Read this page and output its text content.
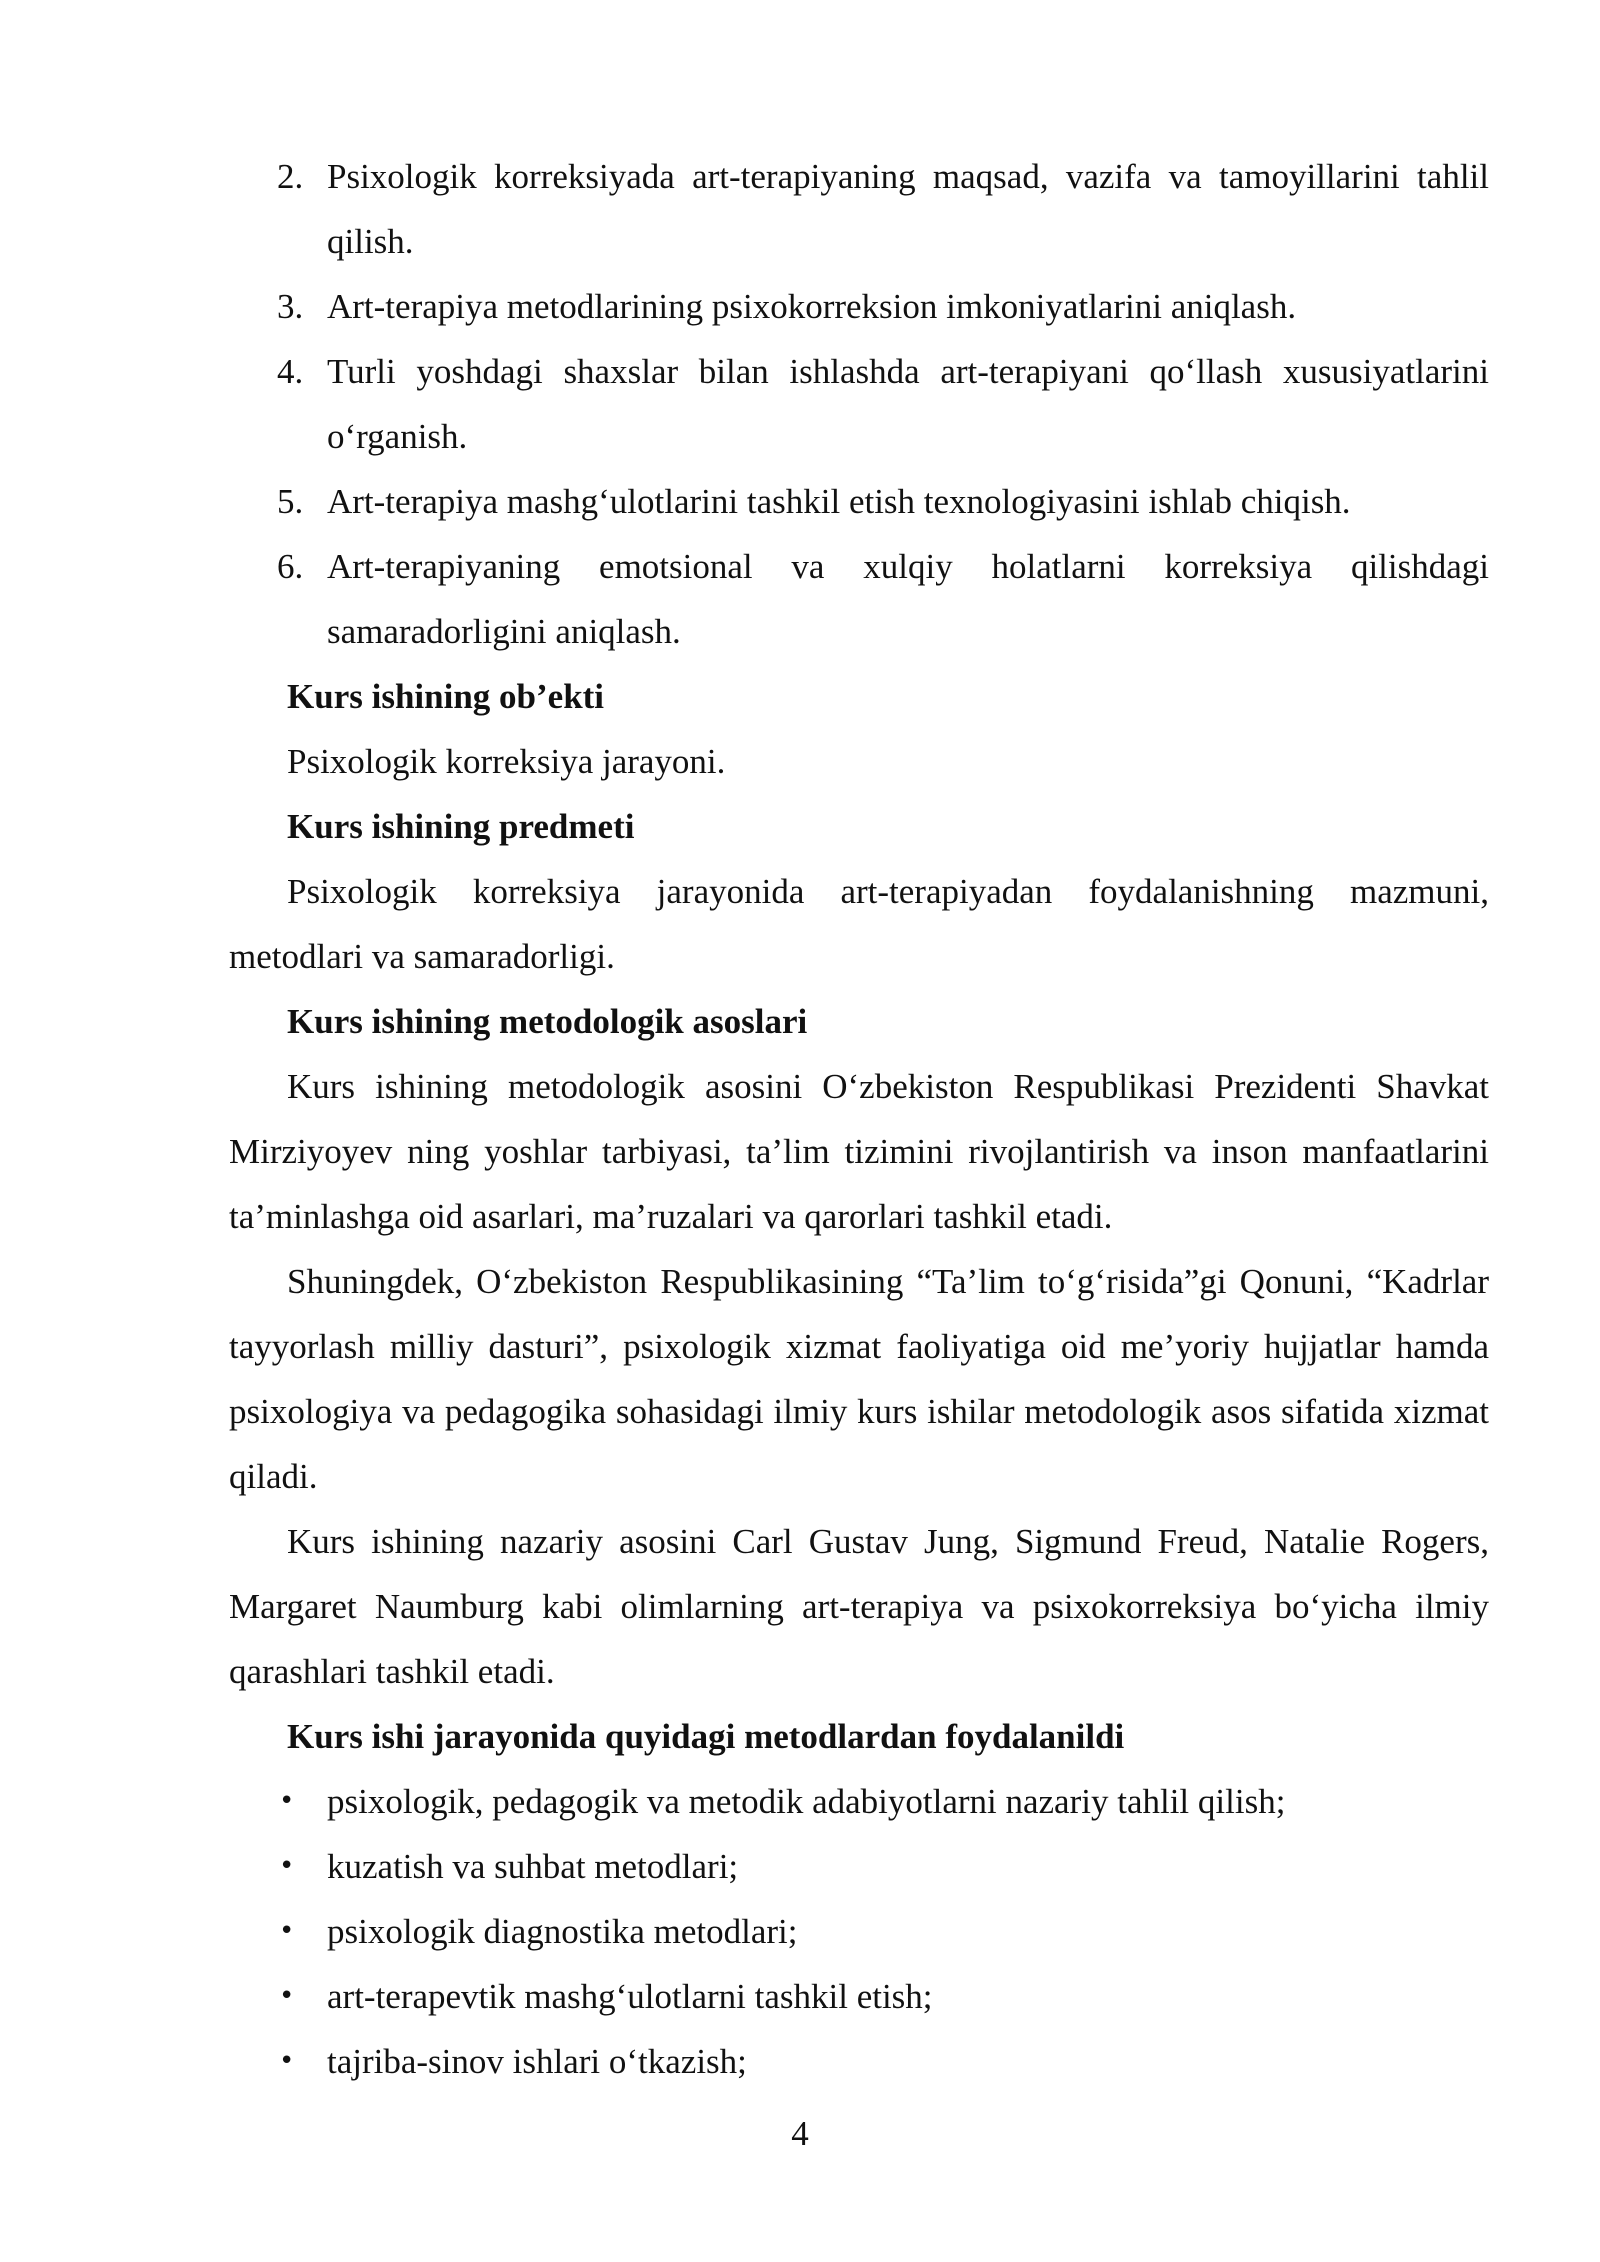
2. Psixologik korreksiyada art-terapiyaning maqsad, vazifa va tamoyillarini tahlil qilish.
3. Art-terapiya metodlarining psixokorreksion imkoniyatlarini aniqlash.
4. Turli yoshdagi shaxslar bilan ishlashda art-terapiyani qo‘llash xususiyatlarini o‘rganish.
5. Art-terapiya mashg‘ulotlarini tashkil etish texnologiyasini ishlab chiqish.
6. Art-terapiyaning emotsional va xulqiy holatlarni korreksiya qilishdagi samaradorligini aniqlash.
Kurs ishining ob’ekti
Psixologik korreksiya jarayoni.
Kurs ishining predmeti
Psixologik korreksiya jarayonida art-terapiyadan foydalanishning mazmuni, metodlari va samaradorligi.
Kurs ishining metodologik asoslari
Kurs ishining metodologik asosini O‘zbekiston Respublikasi Prezidenti Shavkat Mirziyoyev ning yoshlar tarbiyasi, ta’lim tizimini rivojlantirish va inson manfaatlarini ta’minlashga oid asarlari, ma’ruzalari va qarorlari tashkil etadi.
Shuningdek, O‘zbekiston Respublikasining “Ta’lim to‘g‘risida”gi Qonuni, “Kadrlar tayyorlash milliy dasturi”, psixologik xizmat faoliyatiga oid me’yoriy hujjatlar hamda psixologiya va pedagogika sohasidagi ilmiy kurs ishilar metodologik asos sifatida xizmat qiladi.
Kurs ishining nazariy asosini Carl Gustav Jung, Sigmund Freud, Natalie Rogers, Margaret Naumburg kabi olimlarning art-terapiya va psixokorreksiya bo‘yicha ilmiy qarashlari tashkil etadi.
Kurs ishi jarayonida quyidagi metodlardan foydalanildi
• psixologik, pedagogik va metodik adabiyotlarni nazariy tahlil qilish;
• kuzatish va suhbat metodlari;
• psixologik diagnostika metodlari;
• art-terapevtik mashg‘ulotlarni tashkil etish;
• tajriba-sinov ishlari o‘tkazish;
4
